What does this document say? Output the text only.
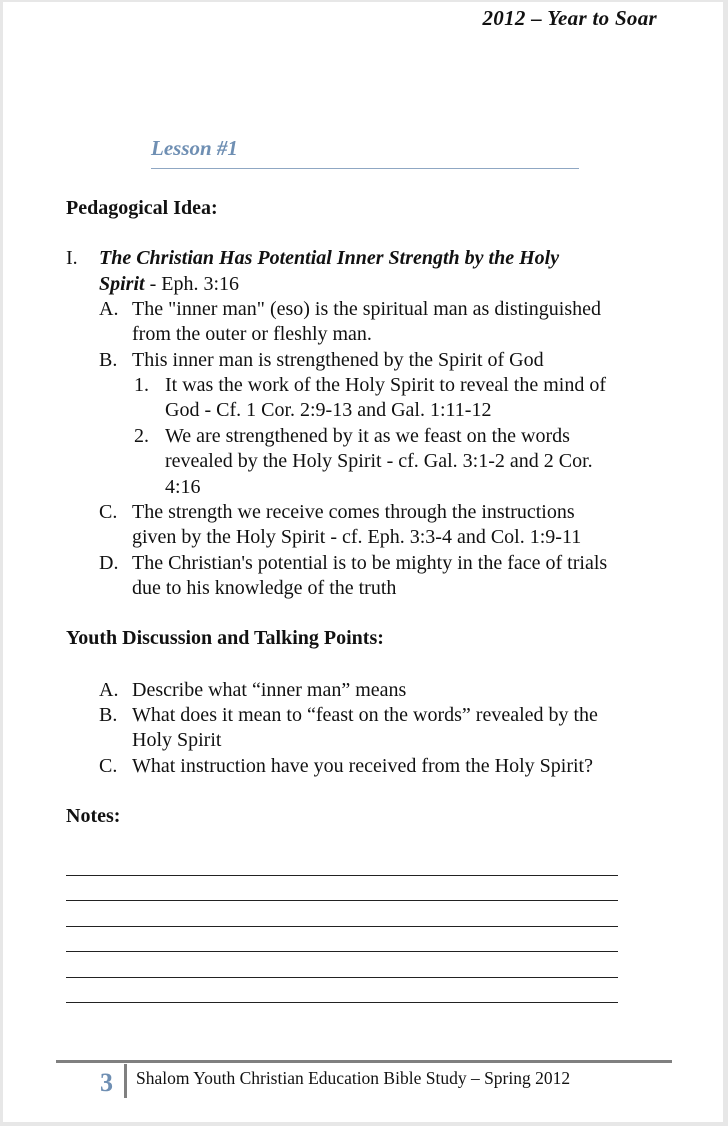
2012 – Year to Soar
Lesson #1
Pedagogical Idea:
I. The Christian Has Potential Inner Strength by the Holy
Spirit - Eph. 3:16
A. The "inner man" (eso) is the spiritual man as distinguished
from the outer or fleshly man.
B. This inner man is strengthened by the Spirit of God
1. It was the work of the Holy Spirit to reveal the mind of
God - Cf. 1 Cor. 2:9-13 and Gal. 1:11-12
2. We are strengthened by it as we feast on the words
revealed by the Holy Spirit - cf. Gal. 3:1-2 and 2 Cor.
4:16
C. The strength we receive comes through the instructions
given by the Holy Spirit - cf. Eph. 3:3-4 and Col. 1:9-11
D. The Christian's potential is to be mighty in the face of trials
due to his knowledge of the truth
Youth Discussion and Talking Points:
A. Describe what “inner man” means
B. What does it mean to “feast on the words” revealed by the
Holy Spirit
C. What instruction have you received from the Holy Spirit?
Notes:
3 Shalom Youth Christian Education Bible Study – Spring 2012
